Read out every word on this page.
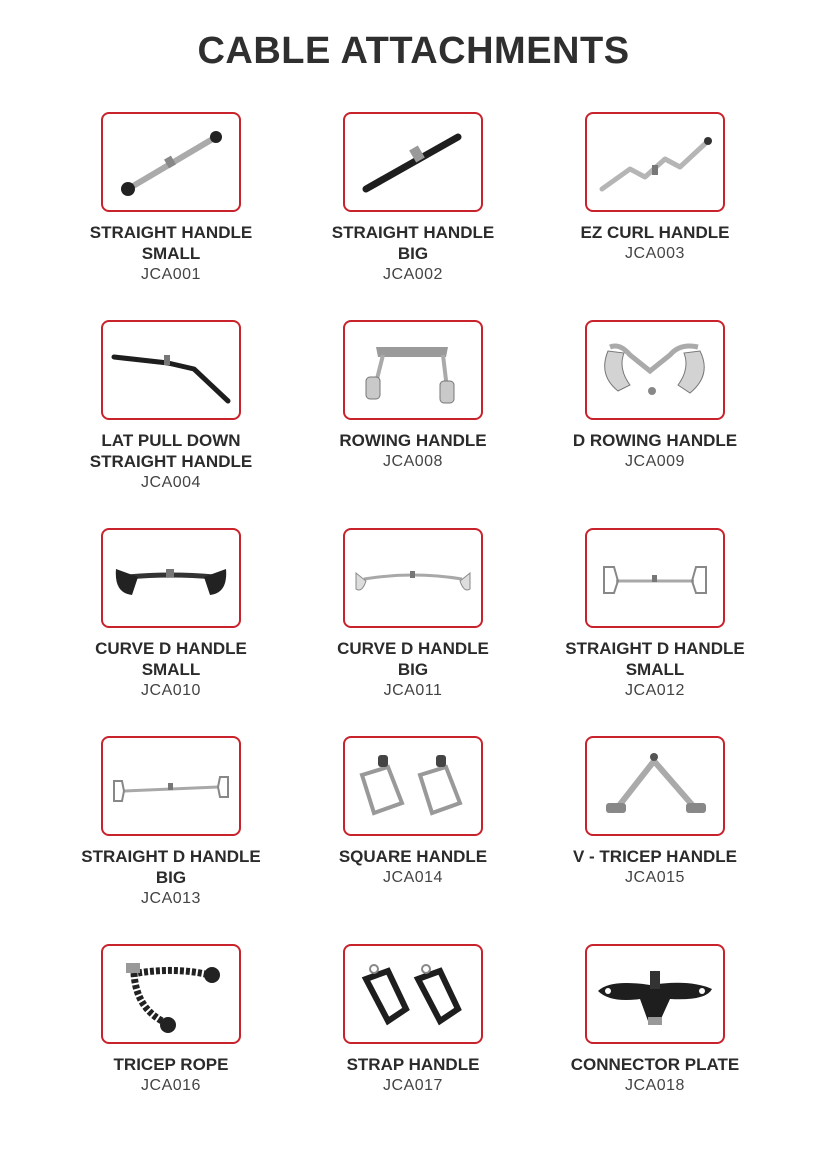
CABLE ATTACHMENTS
STRAIGHT HANDLE
SMALL
JCA001
STRAIGHT HANDLE
BIG
JCA002
EZ CURL HANDLE
JCA003
LAT PULL DOWN
STRAIGHT HANDLE
JCA004
ROWING HANDLE
JCA008
D ROWING HANDLE
JCA009
CURVE D HANDLE
SMALL
JCA010
CURVE D HANDLE
BIG
JCA011
STRAIGHT D HANDLE
SMALL
JCA012
STRAIGHT D HANDLE
BIG
JCA013
SQUARE HANDLE
JCA014
V - TRICEP HANDLE
JCA015
TRICEP ROPE
JCA016
STRAP HANDLE
JCA017
CONNECTOR PLATE
JCA018
